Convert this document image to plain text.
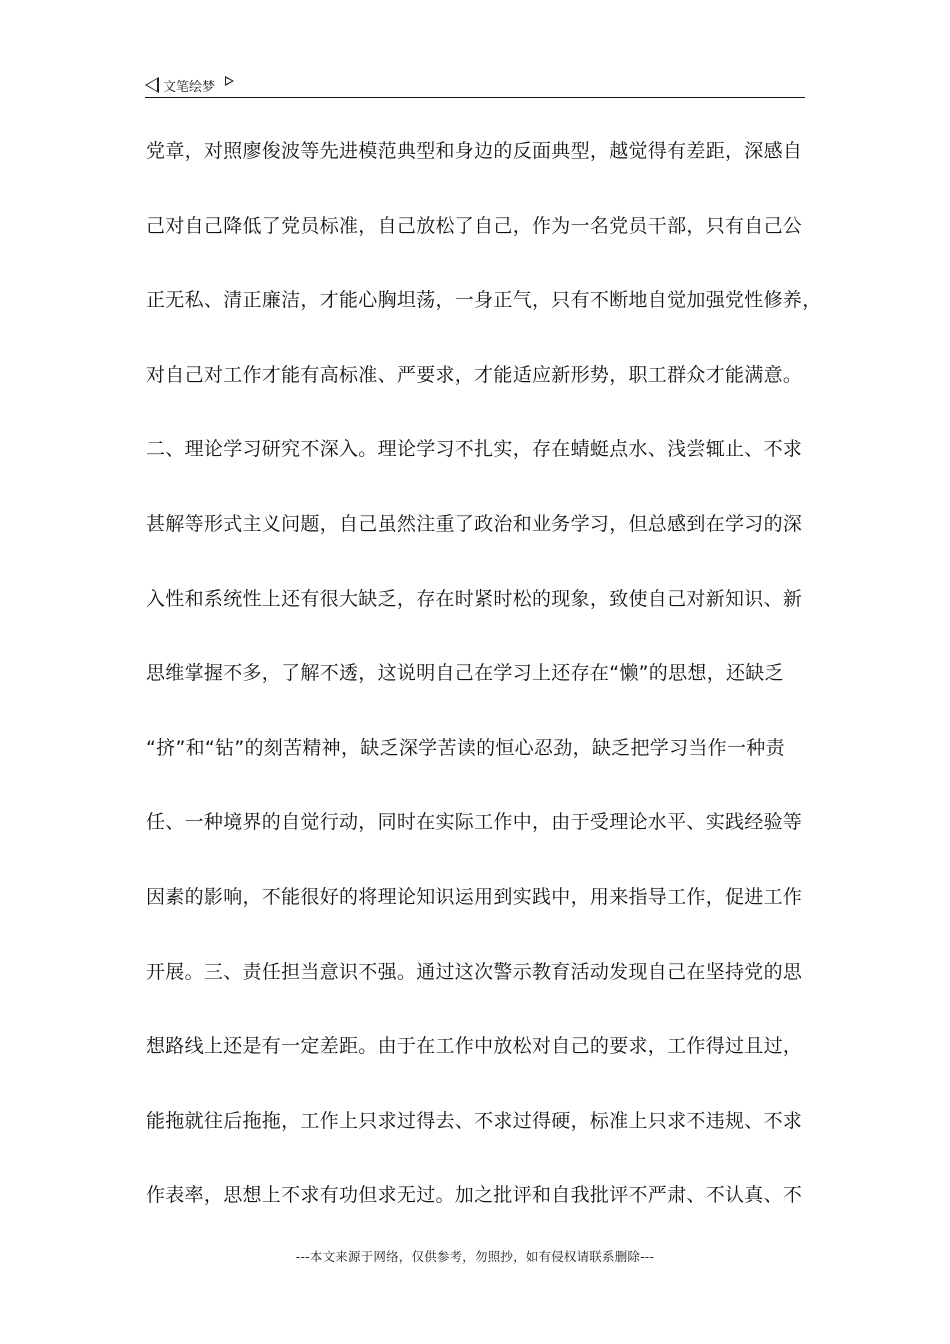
文笔绘梦
党章，对照廖俊波等先进模范典型和身边的反面典型，越觉得有差距，深感自
己对自己降低了党员标准，自己放松了自己，作为一名党员干部，只有自己公
正无私、清正廉洁，才能心胸坦荡，一身正气，只有不断地自觉加强党性修养，
对自己对工作才能有高标准、严要求，才能适应新形势，职工群众才能满意。
二、理论学习研究不深入。理论学习不扎实，存在蜻蜓点水、浅尝辄止、不求
甚解等形式主义问题，自己虽然注重了政治和业务学习，但总感到在学习的深
入性和系统性上还有很大缺乏，存在时紧时松的现象，致使自己对新知识、新
思维掌握不多，了解不透，这说明自己在学习上还存在“懒”的思想，还缺乏
“挤”和“钻”的刻苦精神，缺乏深学苦读的恒心忍劲，缺乏把学习当作一种责
任、一种境界的自觉行动，同时在实际工作中，由于受理论水平、实践经验等
因素的影响，不能很好的将理论知识运用到实践中，用来指导工作，促进工作
开展。三、责任担当意识不强。通过这次警示教育活动发现自己在坚持党的思
想路线上还是有一定差距。由于在工作中放松对自己的要求，工作得过且过，
能拖就往后拖拖，工作上只求过得去、不求过得硬，标准上只求不违规、不求
作表率，思想上不求有功但求无过。加之批评和自我批评不严肃、不认真、不
---本文来源于网络，仅供参考，勿照抄，如有侵权请联系删除---
